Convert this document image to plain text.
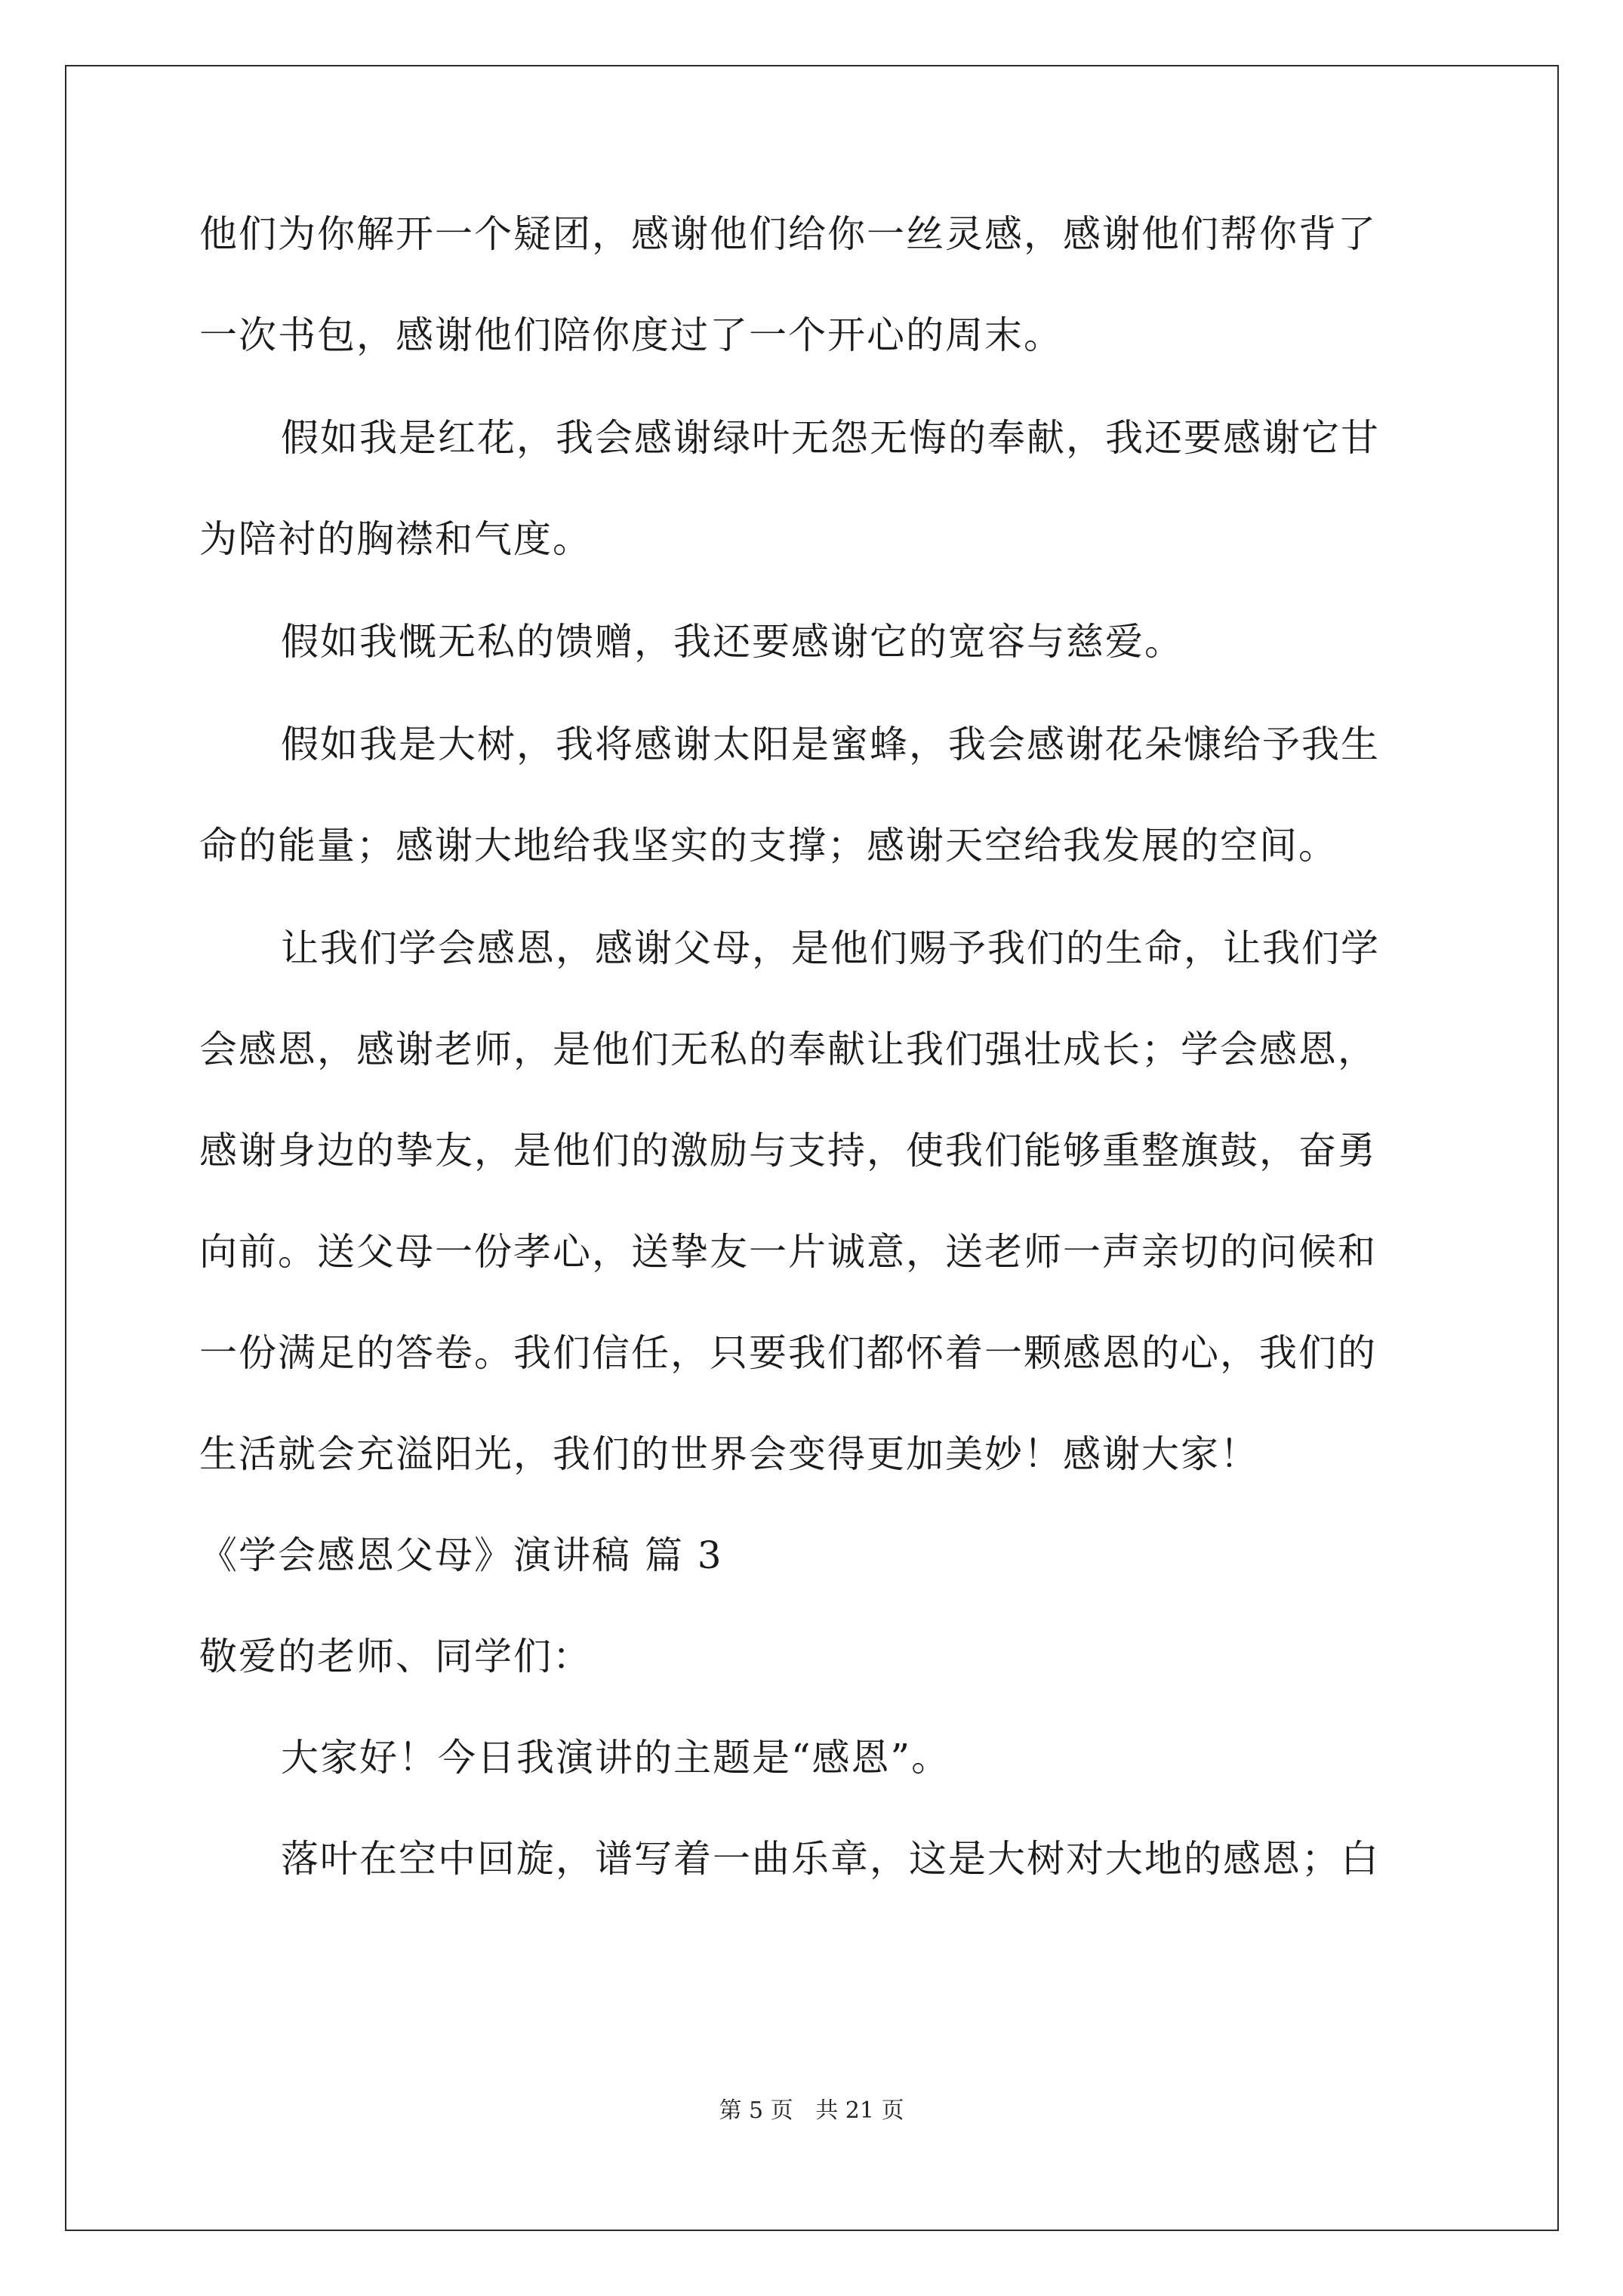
他们为你解开一个疑团，感谢他们给你一丝灵感，感谢他们帮你背了
一次书包，感谢他们陪你度过了一个开心的周末。
假如我是红花，我会感谢绿叶无怨无悔的奉献，我还要感谢它甘
为陪衬的胸襟和气度。
假如我慨无私的馈赠，我还要感谢它的宽容与慈爱。
假如我是大树，我将感谢太阳是蜜蜂，我会感谢花朵慷给予我生
命的能量；感谢大地给我坚实的支撑；感谢天空给我发展的空间。
让我们学会感恩，感谢父母，是他们赐予我们的生命，让我们学
会感恩，感谢老师，是他们无私的奉献让我们强壮成长；学会感恩，
感谢身边的挚友，是他们的激励与支持，使我们能够重整旗鼓，奋勇
向前。送父母一份孝心，送挚友一片诚意，送老师一声亲切的问候和
一份满足的答卷。我们信任，只要我们都怀着一颗感恩的心，我们的
生活就会充溢阳光，我们的世界会变得更加美妙！感谢大家！
《学会感恩父母》演讲稿 篇 3
敬爱的老师、同学们：
大家好！今日我演讲的主题是“感恩”。
落叶在空中回旋，谱写着一曲乐章，这是大树对大地的感恩；白
第 5 页 共 21 页
